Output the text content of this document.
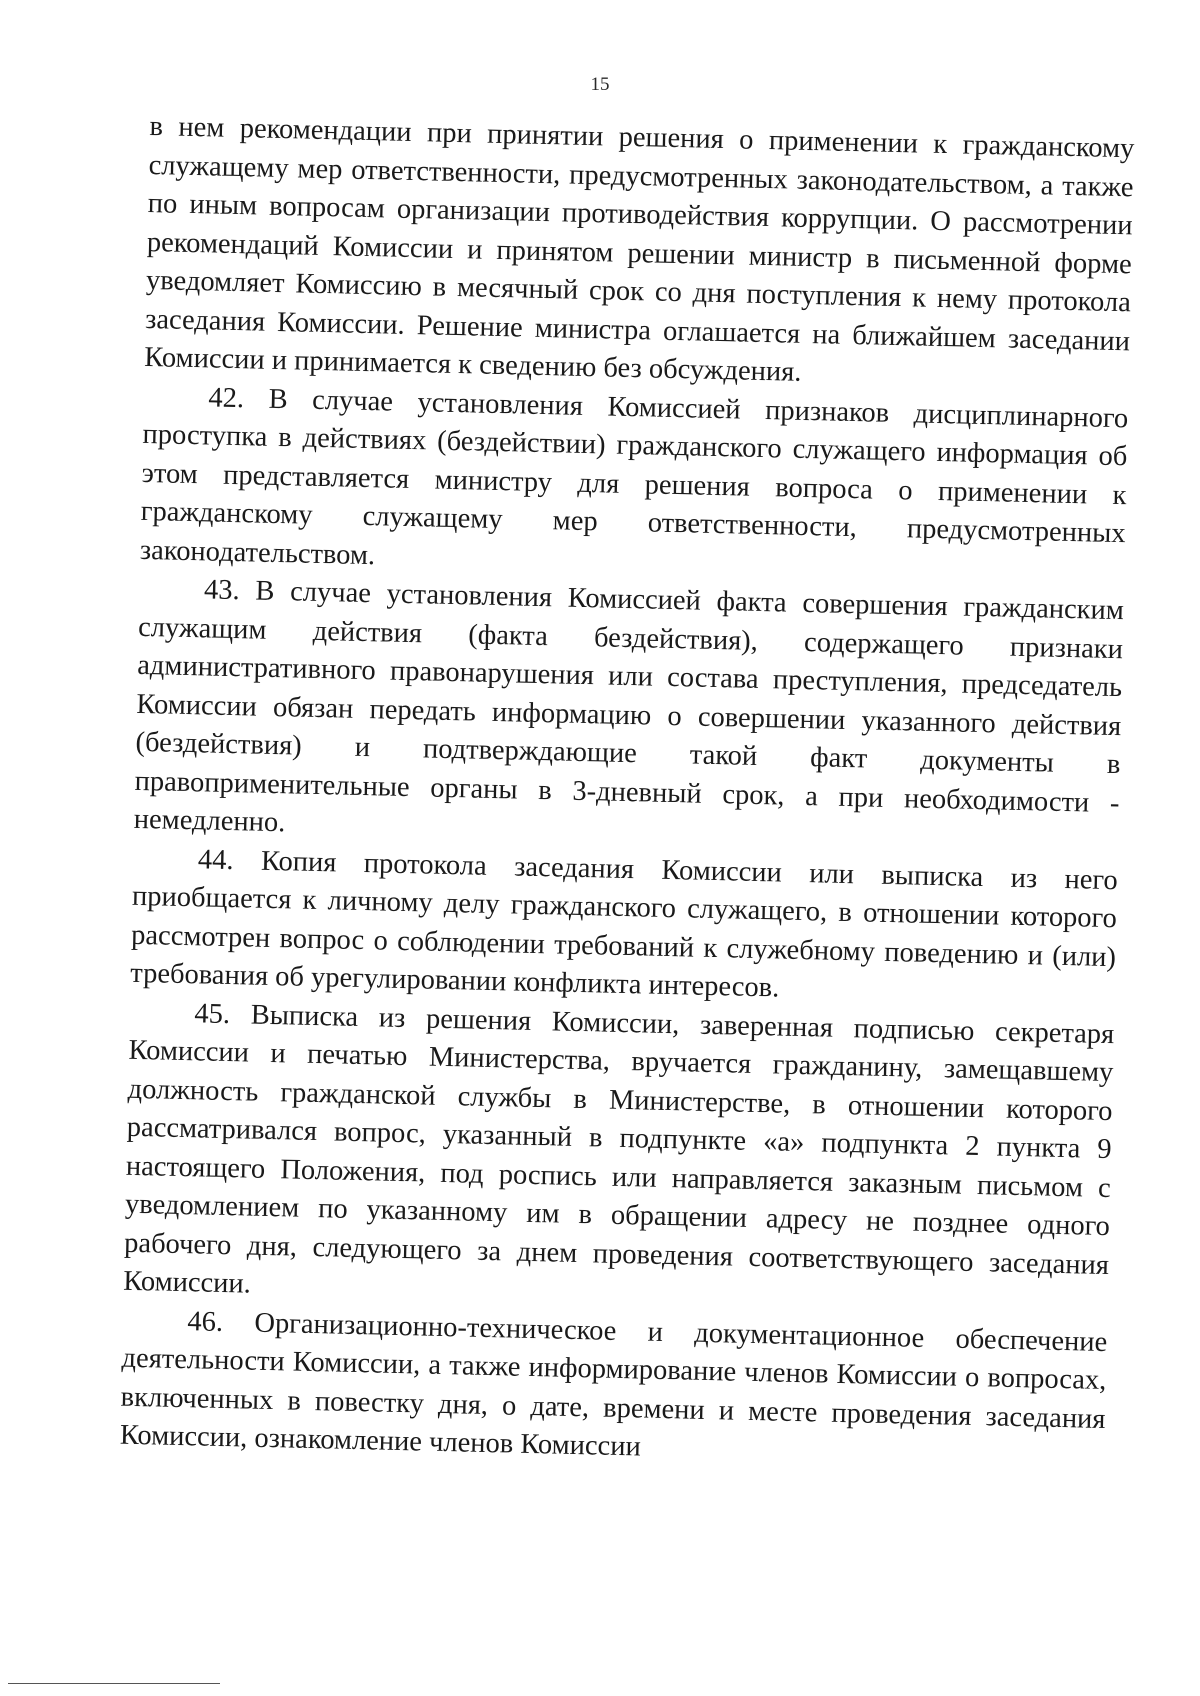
15

в нем рекомендации при принятии решения о применении к гражданскому служащему мер ответственности, предусмотренных законодательством, а также по иным вопросам организации противодействия коррупции. О рассмотрении рекомендаций Комиссии и принятом решении министр в письменной форме уведомляет Комиссию в месячный срок со дня поступления к нему протокола заседания Комиссии. Решение министра оглашается на ближайшем заседании Комиссии и принимается к сведению без обсуждения.

42. В случае установления Комиссией признаков дисциплинарного проступка в действиях (бездействии) гражданского служащего информация об этом представляется министру для решения вопроса о применении к гражданскому служащему мер ответственности, предусмотренных законодательством.

43. В случае установления Комиссией факта совершения гражданским служащим действия (факта бездействия), содержащего признаки административного правонарушения или состава преступления, председатель Комиссии обязан передать информацию о совершении указанного действия (бездействия) и подтверждающие такой факт документы в правоприменительные органы в 3-дневный срок, а при необходимости - немедленно.

44. Копия протокола заседания Комиссии или выписка из него приобщается к личному делу гражданского служащего, в отношении которого рассмотрен вопрос о соблюдении требований к служебному поведению и (или) требования об урегулировании конфликта интересов.

45. Выписка из решения Комиссии, заверенная подписью секретаря Комиссии и печатью Министерства, вручается гражданину, замещавшему должность гражданской службы в Министерстве, в отношении которого рассматривался вопрос, указанный в подпункте «а» подпункта 2 пункта 9 настоящего Положения, под роспись или направляется заказным письмом с уведомлением по указанному им в обращении адресу не позднее одного рабочего дня, следующего за днем проведения соответствующего заседания Комиссии.

46. Организационно-техническое и документационное обеспечение деятельности Комиссии, а также информирование членов Комиссии о вопросах, включенных в повестку дня, о дате, времени и месте проведения заседания Комиссии, ознакомление членов Комиссии
